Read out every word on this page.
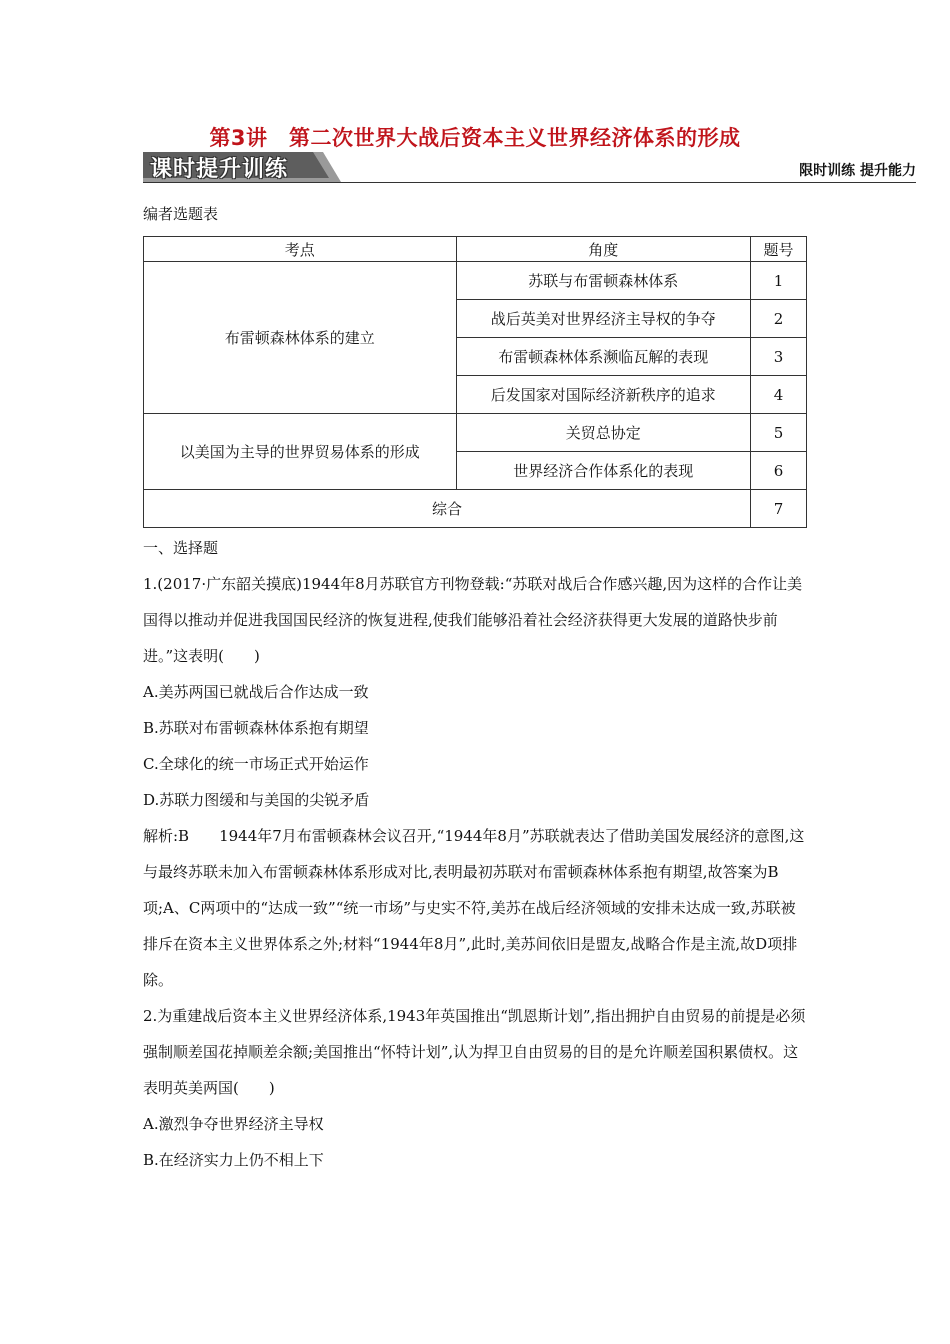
第3讲　第二次世界大战后资本主义世界经济体系的形成
课时提升训练	限时训练 提升能力
编者选题表
考点	角度	题号
布雷顿森林体系的建立	苏联与布雷顿森林体系	1
	战后英美对世界经济主导权的争夺	2
	布雷顿森林体系濒临瓦解的表现	3
	后发国家对国际经济新秩序的追求	4
以美国为主导的世界贸易体系的形成	关贸总协定	5
	世界经济合作体系化的表现	6
综合		7

一、选择题

1.(2017·广东韶关摸底)1944年8月苏联官方刊物登载:“苏联对战后合作感兴趣,因为这样的合作让美国得以推动并促进我国国民经济的恢复进程,使我们能够沿着社会经济获得更大发展的道路快步前进。”这表明(　　)

A.美苏两国已就战后合作达成一致

B.苏联对布雷顿森林体系抱有期望

C.全球化的统一市场正式开始运作

D.苏联力图缓和与美国的尖锐矛盾

解析:B　　1944年7月布雷顿森林会议召开,“1944年8月”苏联就表达了借助美国发展经济的意图,这与最终苏联未加入布雷顿森林体系形成对比,表明最初苏联对布雷顿森林体系抱有期望,故答案为B项;A、C两项中的“达成一致”“统一市场”与史实不符,美苏在战后经济领域的安排未达成一致,苏联被排斥在资本主义世界体系之外;材料“1944年8月”,此时,美苏间依旧是盟友,战略合作是主流,故D项排除。

2.为重建战后资本主义世界经济体系,1943年英国推出“凯恩斯计划”,指出拥护自由贸易的前提是必须强制顺差国花掉顺差余额;美国推出“怀特计划”,认为捍卫自由贸易的目的是允许顺差国积累债权。这表明英美两国(　　)

A.激烈争夺世界经济主导权

B.在经济实力上仍不相上下
